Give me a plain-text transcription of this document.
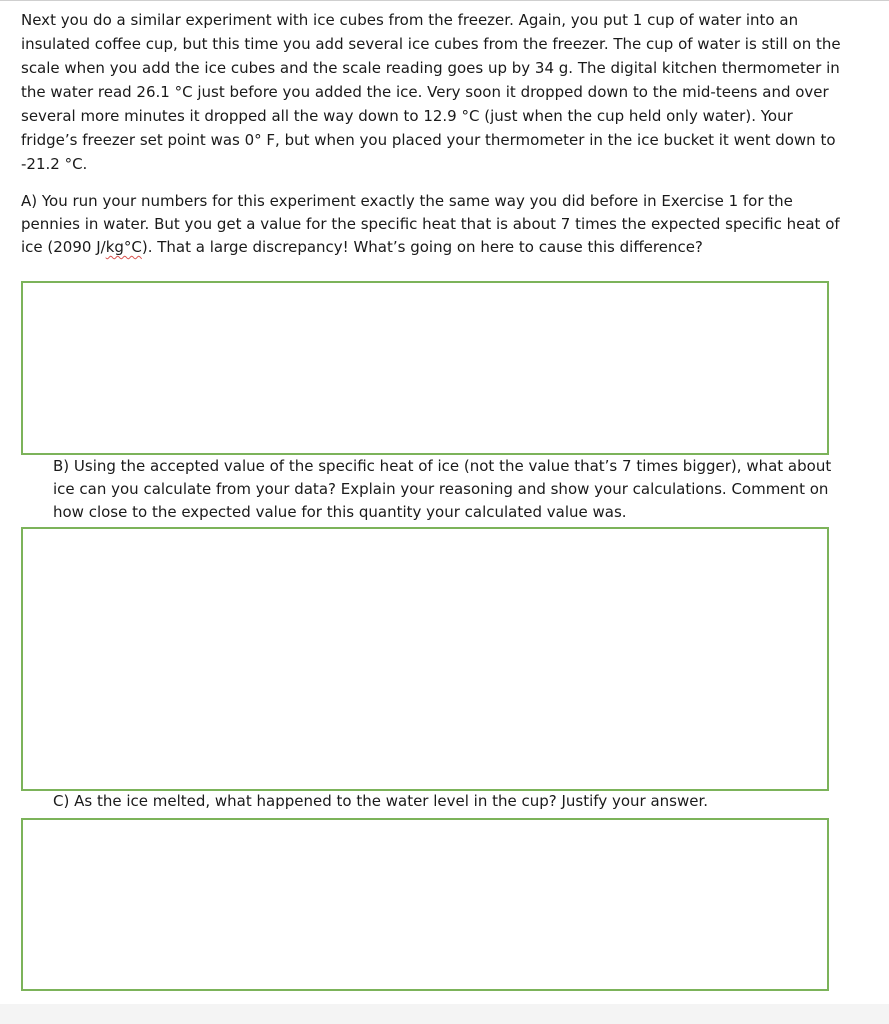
Next you do a similar experiment with ice cubes from the freezer. Again, you put 1 cup of water into an insulated coffee cup, but this time you add several ice cubes from the freezer. The cup of water is still on the scale when you add the ice cubes and the scale reading goes up by 34 g. The digital kitchen thermometer in the water read 26.1 °C just before you added the ice. Very soon it dropped down to the mid-teens and over several more minutes it dropped all the way down to 12.9 °C (just when the cup held only water). Your fridge’s freezer set point was 0° F, but when you placed your thermometer in the ice bucket it went down to -21.2 °C.

A) You run your numbers for this experiment exactly the same way you did before in Exercise 1 for the pennies in water. But you get a value for the specific heat that is about 7 times the expected specific heat of ice (2090 J/kg°C). That a large discrepancy! What’s going on here to cause this difference?

B) Using the accepted value of the specific heat of ice (not the value that’s 7 times bigger), what about ice can you calculate from your data? Explain your reasoning and show your calculations. Comment on how close to the expected value for this quantity your calculated value was.

C) As the ice melted, what happened to the water level in the cup? Justify your answer.
